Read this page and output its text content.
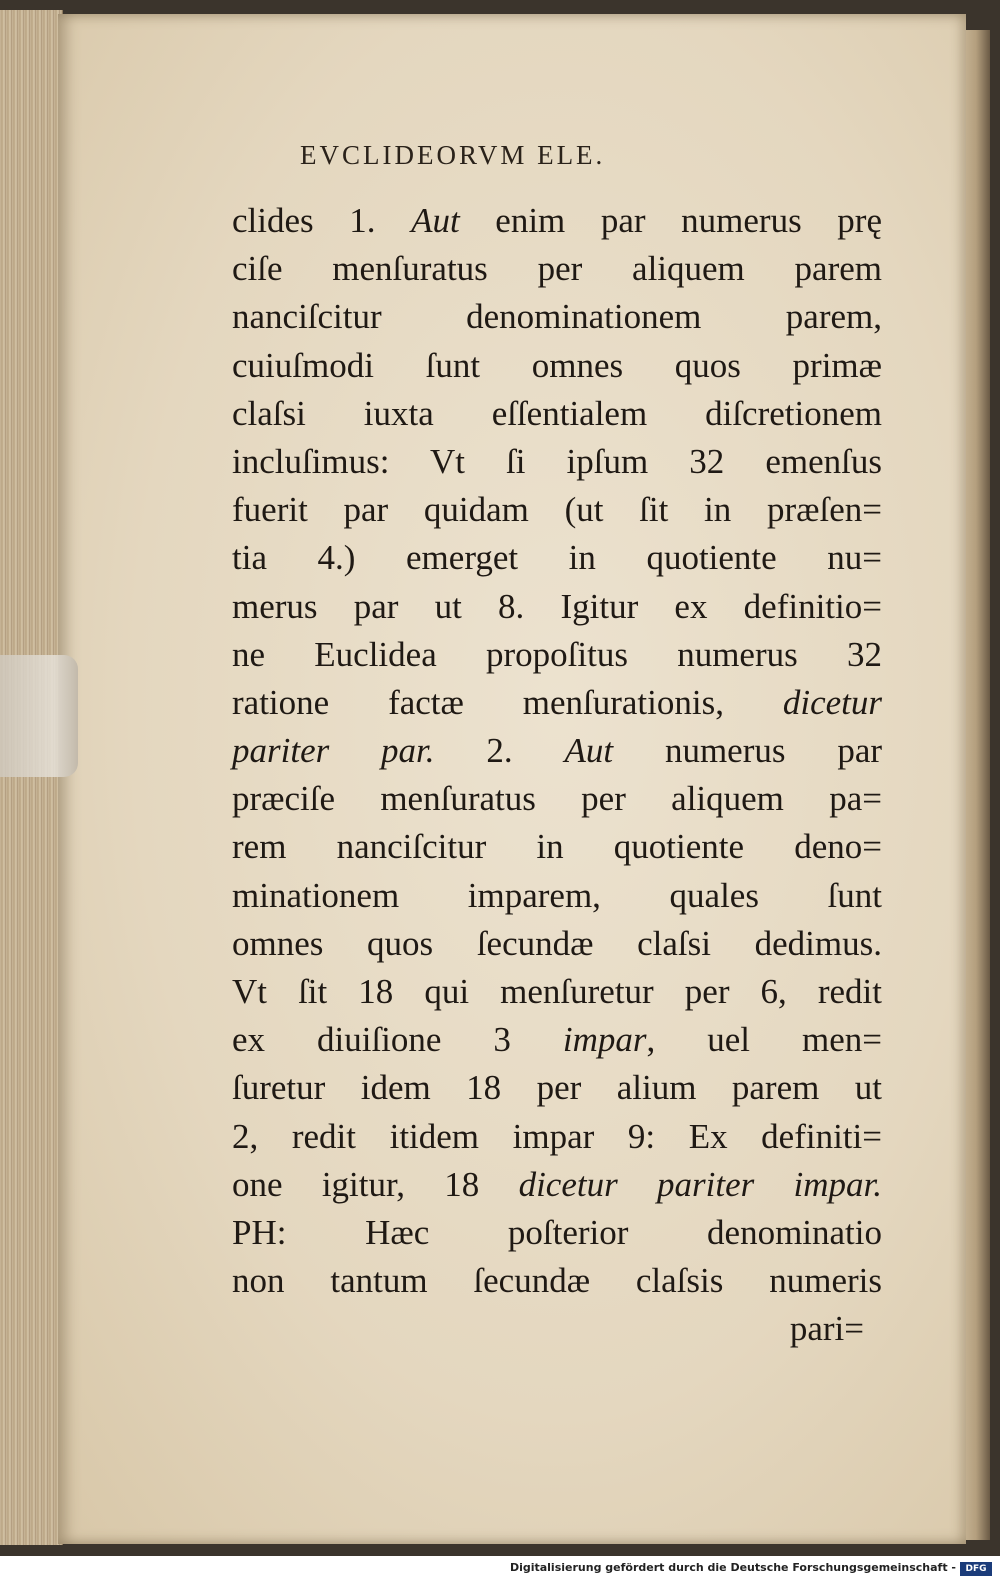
EVCLIDEORVM ELE.
clides 1. Aut enim par numerus prę
ciſe menſuratus per aliquem parem
nanciſcitur denominationem parem,
cuiuſmodi ſunt omnes quos primæ
claſsi iuxta eſſentialem diſcretionem
incluſimus: Vt ſi ipſum 32 emenſus
fuerit par quidam (ut ſit in præſen=
tia 4.) emerget in quotiente nu=
merus par ut 8. Igitur ex definitio=
ne Euclidea propoſitus numerus 32
ratione factæ menſurationis, dicetur
pariter par. 2. Aut numerus par
præciſe menſuratus per aliquem pa=
rem nanciſcitur in quotiente deno=
minationem imparem, quales ſunt
omnes quos ſecundæ claſsi dedimus.
Vt ſit 18 qui menſuretur per 6, redit
ex diuiſione 3 impar, uel men=
ſuretur idem 18 per alium parem ut
2, redit itidem impar 9: Ex definiti=
one igitur, 18 dicetur pariter impar.
PH: Hæc poſterior denominatio
non tantum ſecundæ claſsis numeris
pari=
Digitalisierung gefördert durch die Deutsche Forschungsgemeinschaft -	DFG
